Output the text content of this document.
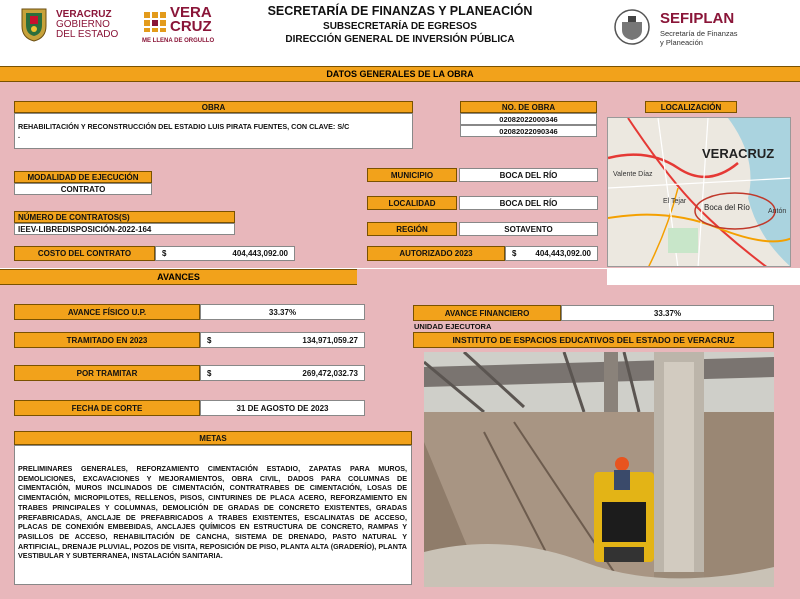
VERACRUZ
GOBIERNO
DEL ESTADO
VERA CRUZ
ME LLENA DE ORGULLO
SECRETARÍA DE FINANZAS Y PLANEACIÓN
SUBSECRETARÍA DE EGRESOS
DIRECCIÓN GENERAL DE INVERSIÓN PÚBLICA
SEFIPLAN
Secretaría de Finanzas
y Planeación
DATOS GENERALES DE LA OBRA
OBRA
REHABILITACIÓN Y RECONSTRUCCIÓN DEL ESTADIO LUIS PIRATA FUENTES, CON CLAVE: S/C
.
NO. DE OBRA
02082022000346
02082022090346
LOCALIZACIÓN
VERACRUZ
Boca del Río
Valente Díaz
El Tejar
Antón
MODALIDAD DE EJECUCIÓN
CONTRATO
MUNICIPIO	BOCA DEL RÍO
LOCALIDAD	BOCA DEL RÍO
NÚMERO DE CONTRATOS(S)
IEEV-LIBREDISPOSICIÓN-2022-164	REGIÓN	SOTAVENTO
COSTO DEL CONTRATO	$	404,443,092.00	AUTORIZADO 2023	$ 404,443,092.00
AVANCES
AVANCE FÍSICO U.P.	33.37%	AVANCE FINANCIERO	33.37%
UNIDAD EJECUTORA
INSTITUTO DE ESPACIOS EDUCATIVOS DEL ESTADO DE VERACRUZ
TRAMITADO EN 2023	$	134,971,059.27
POR TRAMITAR	$	269,472,032.73
FECHA DE CORTE	31 DE AGOSTO DE 2023
METAS
PRELIMINARES GENERALES, REFORZAMIENTO CIMENTACIÓN ESTADIO, ZAPATAS PARA MUROS, DEMOLICIONES, EXCAVACIONES Y MEJORAMIENTOS, OBRA CIVIL, DADOS PARA COLUMNAS DE CIMENTACIÓN, MUROS INCLINADOS DE CIMENTACIÓN, CONTRATRABES DE CIMENTACIÓN, LOSAS DE CIMENTACIÓN, MICROPILOTES, RELLENOS, PISOS, CINTURINES DE PLACA ACERO, REFORZAMIENTO EN TRABES PRINCIPALES Y COLUMNAS, DEMOLICIÓN DE GRADAS DE CONCRETO EXISTENTES, GRADAS PREFABRICADAS, ANCLAJE DE PREFABRICADOS A TRABES EXISTENTES, ESCALINATAS DE ACCESO, PLACAS DE CONEXIÓN EMBEBIDAS, ANCLAJES QUÍMICOS EN ESTRUCTURA DE CONCRETO, RAMPAS Y PASILLOS DE ACCESO, REHABILITACIÓN DE CANCHA, SISTEMA DE DRENADO, PASTO NATURAL Y ARTIFICIAL, DRENAJE PLUVIAL, POZOS DE VISITA, REPOSICIÓN DE PISO, PLANTA ALTA (GRADERÍO), PLANTA VESTIBULAR Y SUBTERRANEA, INSTALACIÓN SANITARIA.
